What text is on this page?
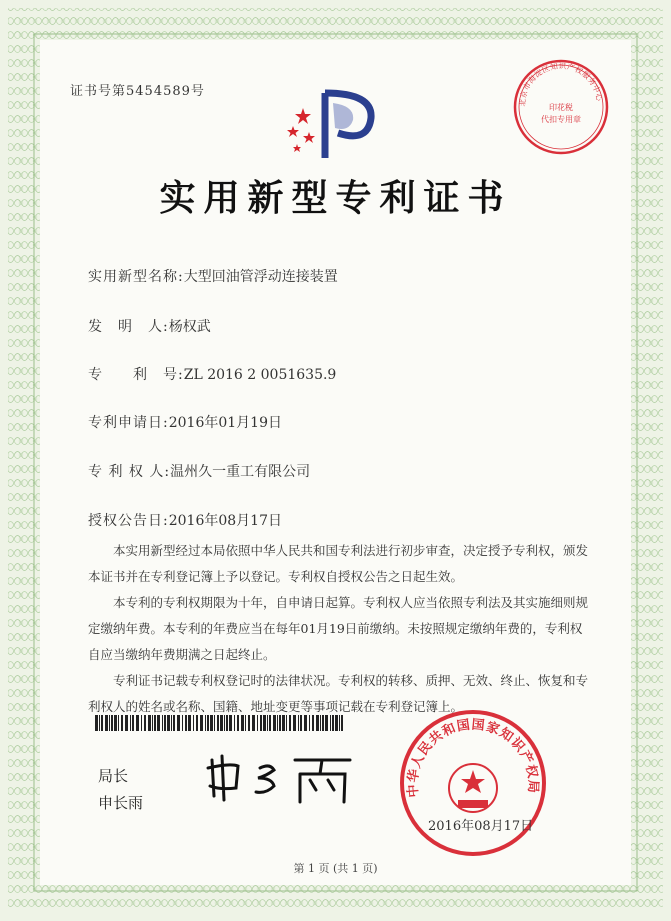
证书号第5454589号
北京市海淀区知识产权服务中心
印花税
代扣专用章
实用新型专利证书
实用新型名称:大型回油管浮动连接装置
发　明　人:杨权武
专　　利　号:ZL 2016 2 0051635.9
专利申请日:2016年01月19日
专 利 权 人:温州久一重工有限公司
授权公告日:2016年08月17日

本实用新型经过本局依照中华人民共和国专利法进行初步审查，决定授予专利权，颁发本证书并在专利登记簿上予以登记。专利权自授权公告之日起生效。

本专利的专利权期限为十年，自申请日起算。专利权人应当依照专利法及其实施细则规定缴纳年费。本专利的年费应当在每年01月19日前缴纳。未按照规定缴纳年费的，专利权自应当缴纳年费期满之日起终止。

专利证书记载专利权登记时的法律状况。专利权的转移、质押、无效、终止、恢复和专利权人的姓名或名称、国籍、地址变更等事项记载在专利登记簿上。

局长
申长雨
中华人民共和国国家知识产权局
2016年08月17日
第 1 页 (共 1 页)
